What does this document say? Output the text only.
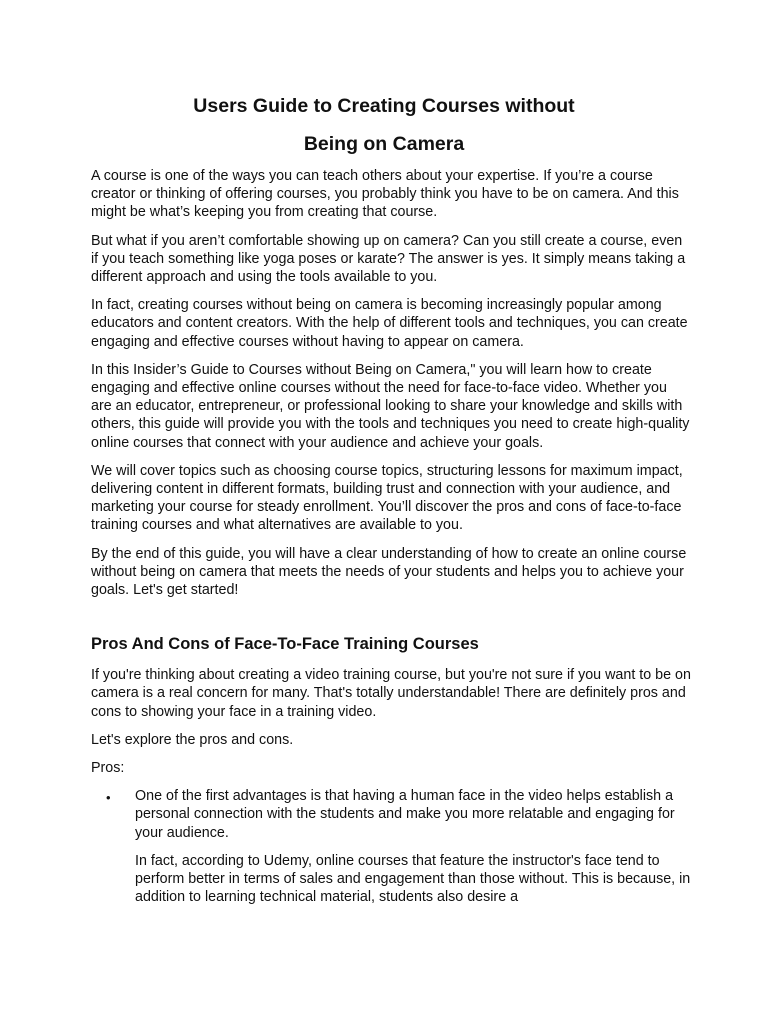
Users Guide to Creating Courses without
Being on Camera

A course is one of the ways you can teach others about your expertise. If you’re a course creator or thinking of offering courses, you probably think you have to be on camera. And this might be what’s keeping you from creating that course.

But what if you aren’t comfortable showing up on camera? Can you still create a course, even if you teach something like yoga poses or karate? The answer is yes. It simply means taking a different approach and using the tools available to you.

In fact, creating courses without being on camera is becoming increasingly popular among educators and content creators. With the help of different tools and techniques, you can create engaging and effective courses without having to appear on camera.

In this Insider’s Guide to Courses without Being on Camera," you will learn how to create engaging and effective online courses without the need for face-to-face video. Whether you are an educator, entrepreneur, or professional looking to share your knowledge and skills with others, this guide will provide you with the tools and techniques you need to create high-quality online courses that connect with your audience and achieve your goals.

We will cover topics such as choosing course topics, structuring lessons for maximum impact, delivering content in different formats, building trust and connection with your audience, and marketing your course for steady enrollment. You’ll discover the pros and cons of face-to-face training courses and what alternatives are available to you.

By the end of this guide, you will have a clear understanding of how to create an online course without being on camera that meets the needs of your students and helps you to achieve your goals. Let's get started!

Pros And Cons of Face-To-Face Training Courses

If you're thinking about creating a video training course, but you're not sure if you want to be on camera is a real concern for many. That's totally understandable! There are definitely pros and cons to showing your face in a training video.

Let's explore the pros and cons.

Pros:

• One of the first advantages is that having a human face in the video helps establish a personal connection with the students and make you more relatable and engaging for your audience.

In fact, according to Udemy, online courses that feature the instructor's face tend to perform better in terms of sales and engagement than those without. This is because, in addition to learning technical material, students also desire a
